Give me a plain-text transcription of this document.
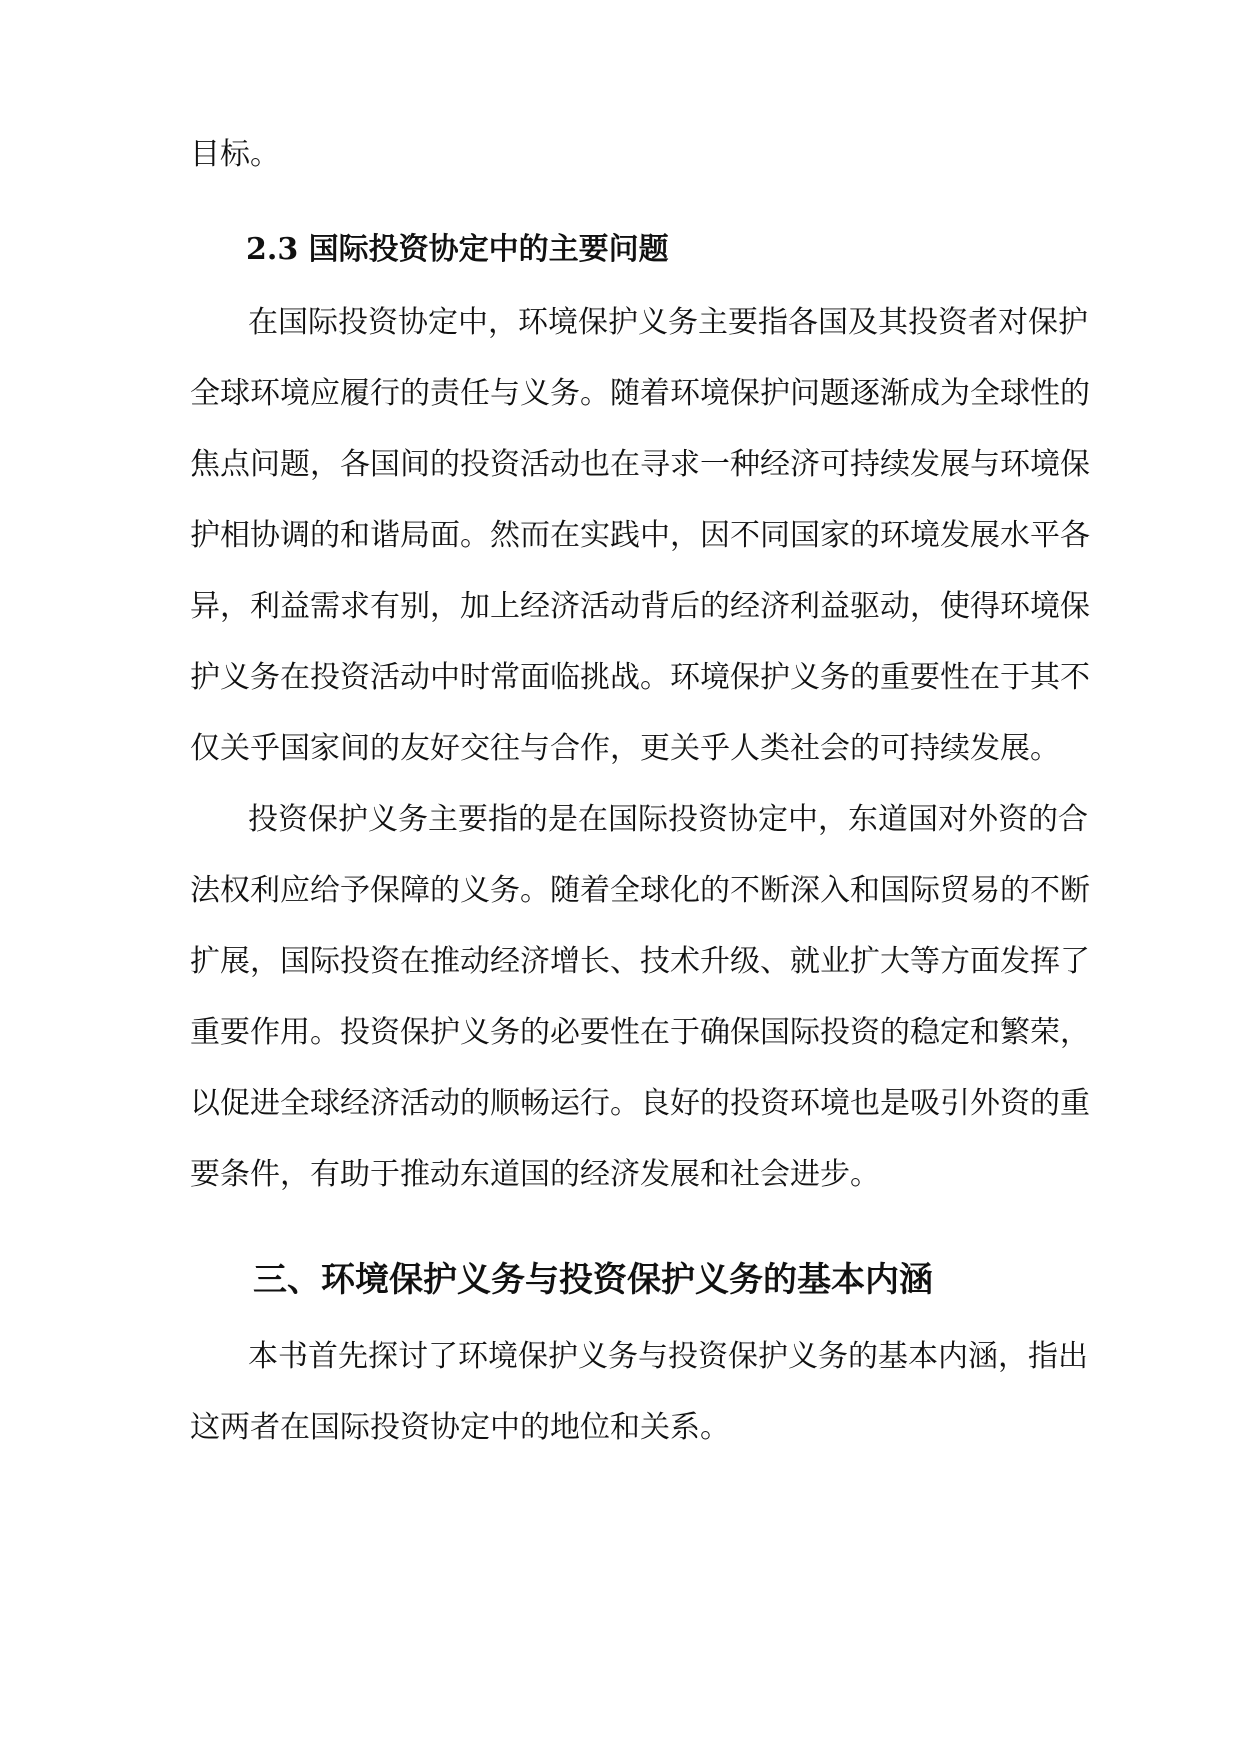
目标。
2.3 国际投资协定中的主要问题
在国际投资协定中，环境保护义务主要指各国及其投资者对保护
全球环境应履行的责任与义务。随着环境保护问题逐渐成为全球性的
焦点问题，各国间的投资活动也在寻求一种经济可持续发展与环境保
护相协调的和谐局面。然而在实践中，因不同国家的环境发展水平各
异，利益需求有别，加上经济活动背后的经济利益驱动，使得环境保
护义务在投资活动中时常面临挑战。环境保护义务的重要性在于其不
仅关乎国家间的友好交往与合作，更关乎人类社会的可持续发展。
投资保护义务主要指的是在国际投资协定中，东道国对外资的合
法权利应给予保障的义务。随着全球化的不断深入和国际贸易的不断
扩展，国际投资在推动经济增长、技术升级、就业扩大等方面发挥了
重要作用。投资保护义务的必要性在于确保国际投资的稳定和繁荣，
以促进全球经济活动的顺畅运行。良好的投资环境也是吸引外资的重
要条件，有助于推动东道国的经济发展和社会进步。
三、环境保护义务与投资保护义务的基本内涵
本书首先探讨了环境保护义务与投资保护义务的基本内涵，指出
这两者在国际投资协定中的地位和关系。
